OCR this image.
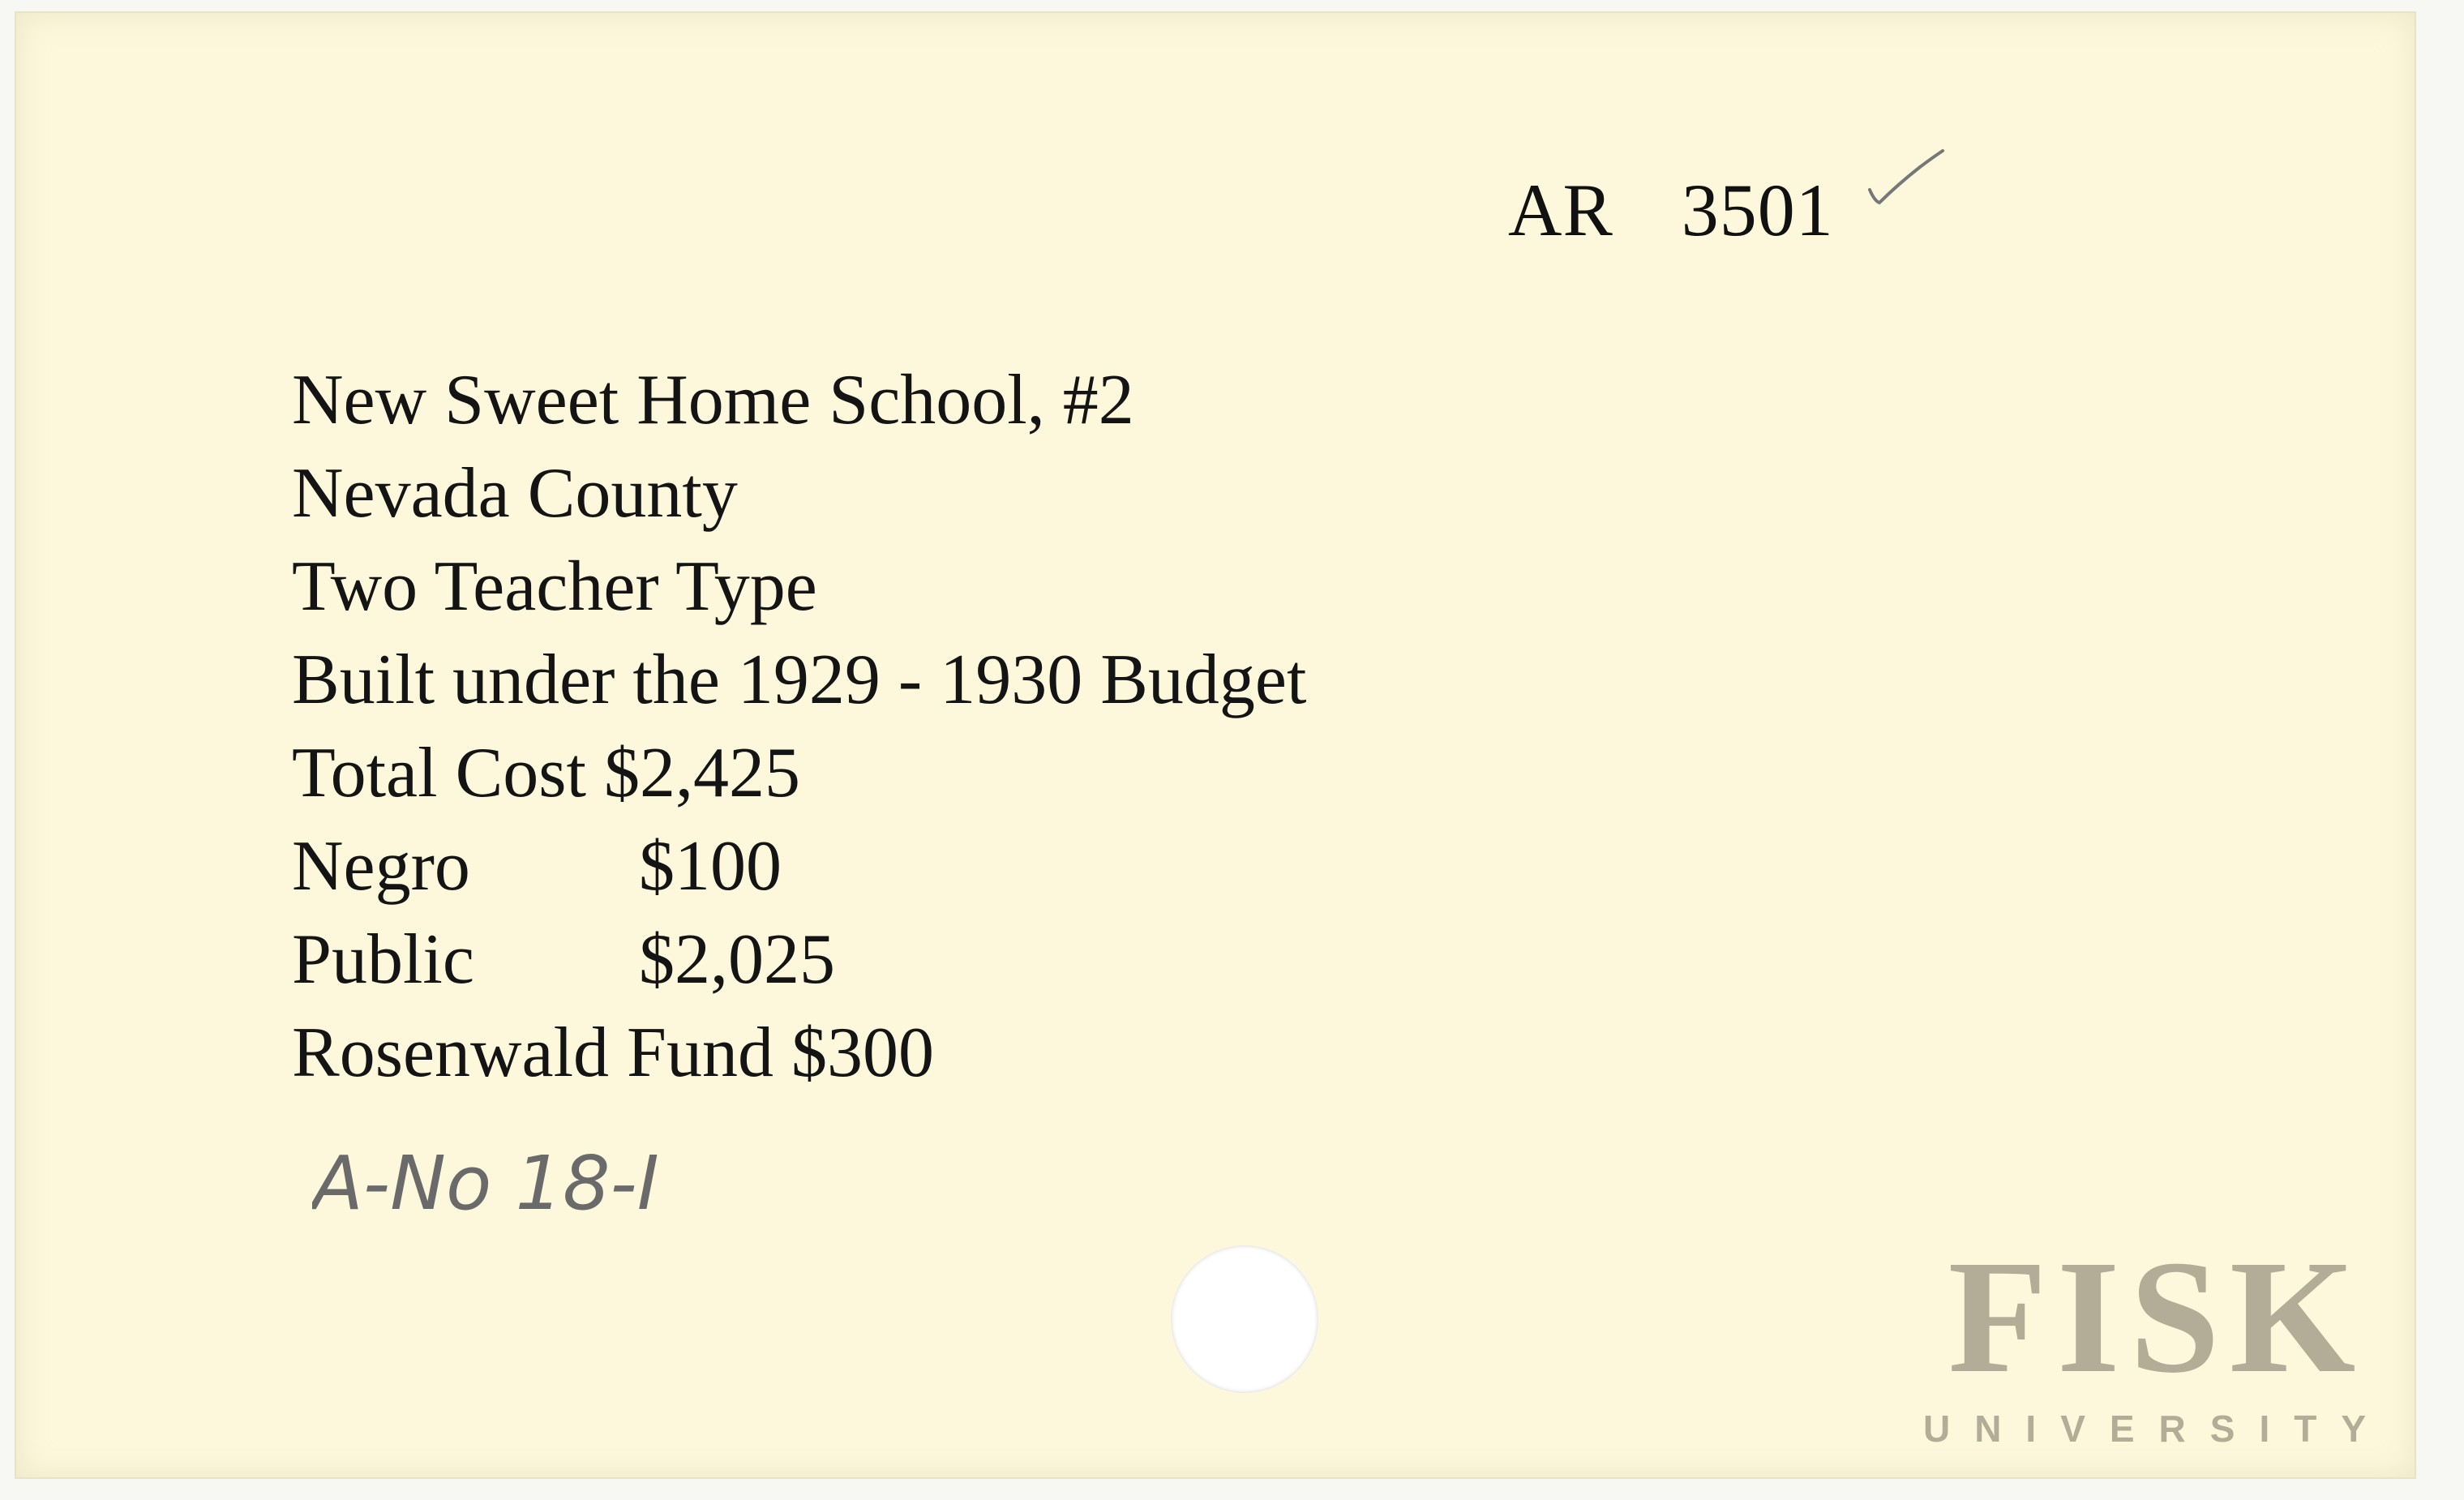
AR  3501
New Sweet Home School, #2
Nevada County
Two Teacher Type
Built under the 1929 - 1930 Budget
Total Cost $2,425
Negro $100
Public $2,025
Rosenwald Fund $300
A-No 18-I
FISK
UNIVERSITY
